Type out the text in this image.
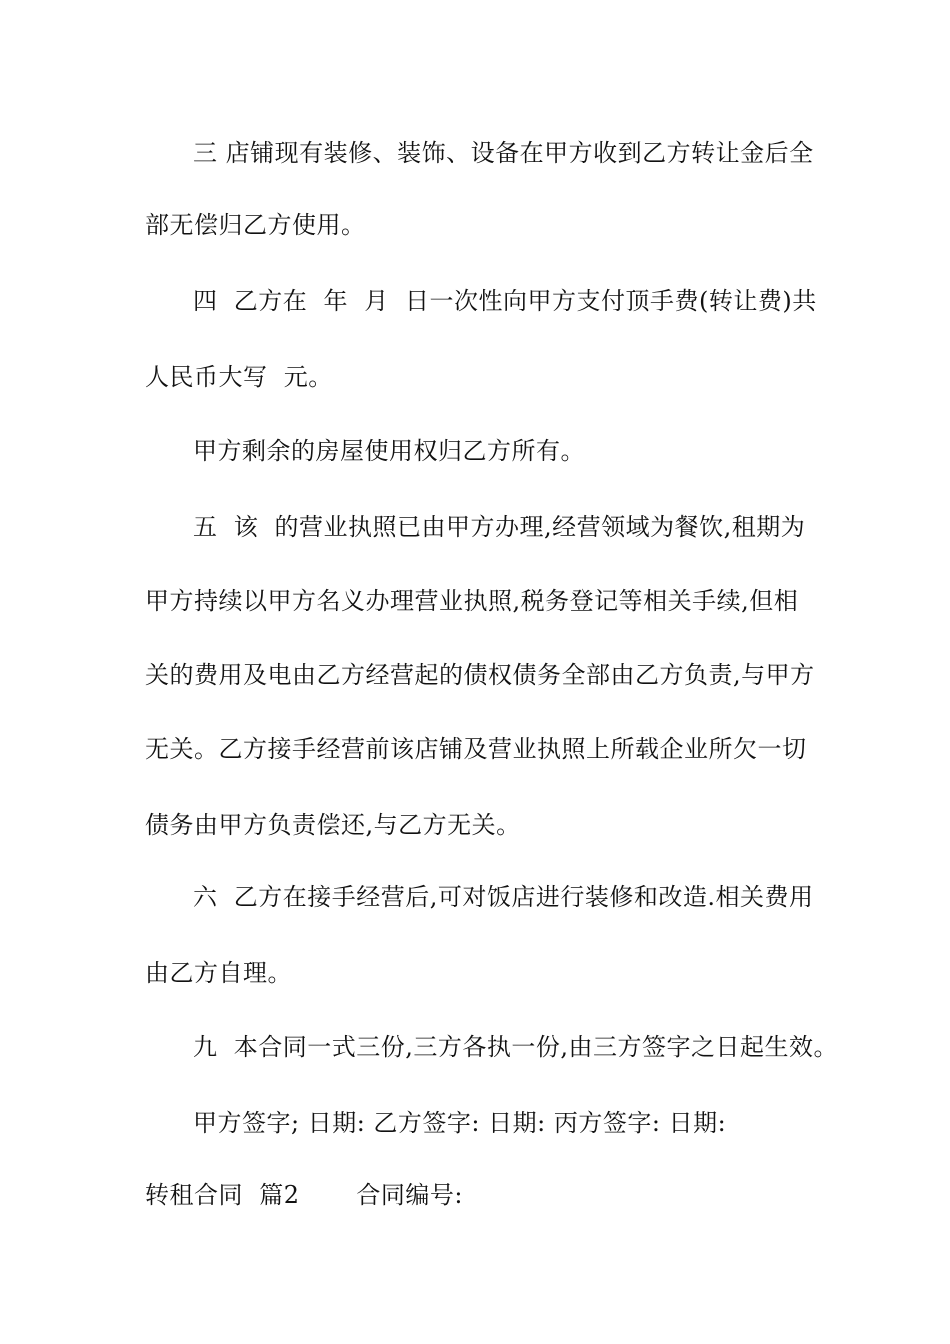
三 店铺现有装修、装饰、设备在甲方收到乙方转让金后全
部无偿归乙方使用。
四  乙方在  年  月  日一次性向甲方支付顶手费(转让费)共
人民币大写  元。
甲方剩余的房屋使用权归乙方所有。
五  该  的营业执照已由甲方办理,经营领域为餐饮,租期为
甲方持续以甲方名义办理营业执照,税务登记等相关手续,但相
关的费用及电由乙方经营起的债权债务全部由乙方负责,与甲方
无关。乙方接手经营前该店铺及营业执照上所载企业所欠一切
债务由甲方负责偿还,与乙方无关。
六  乙方在接手经营后,可对饭店进行装修和改造.相关费用
由乙方自理。
九  本合同一式三份,三方各执一份,由三方签字之日起生效。
甲方签字; 日期: 乙方签字: 日期: 丙方签字: 日期:
转租合同  篇2       合同编号:
